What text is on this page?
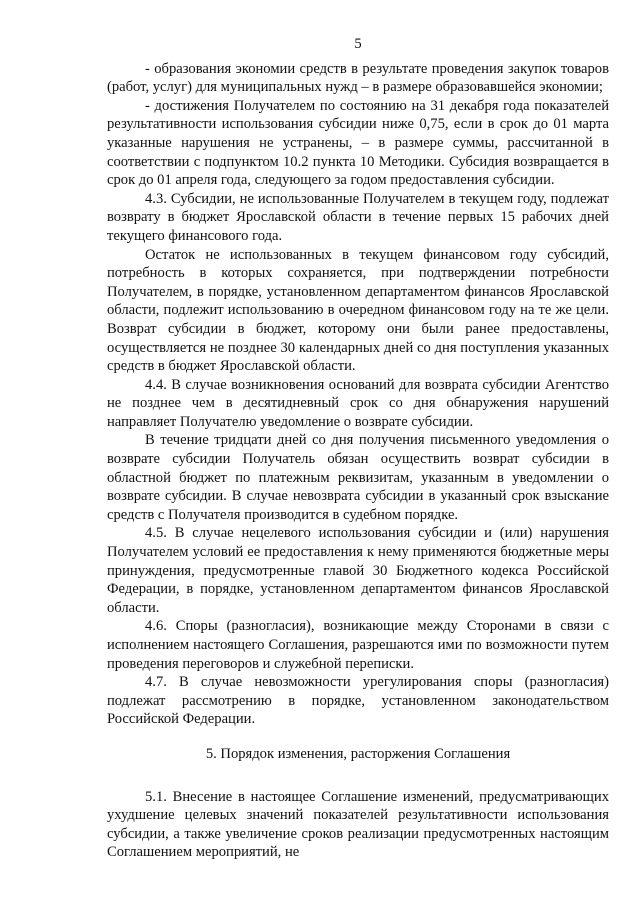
5

- образования экономии средств в результате проведения закупок товаров (работ, услуг) для муниципальных нужд – в размере образовавшейся экономии;

- достижения Получателем по состоянию на 31 декабря года показателей результативности использования субсидии ниже 0,75, если в срок до 01 марта указанные нарушения не устранены, – в размере суммы, рассчитанной в соответствии с подпунктом 10.2 пункта 10 Методики. Субсидия возвращается в срок до 01 апреля года, следующего за годом предоставления субсидии.

4.3. Субсидии, не использованные Получателем в текущем году, подлежат возврату в бюджет Ярославской области в течение первых 15 рабочих дней текущего финансового года.

Остаток не использованных в текущем финансовом году субсидий, потребность в которых сохраняется, при подтверждении потребности Получателем, в порядке, установленном департаментом финансов Ярославской области, подлежит использованию в очередном финансовом году на те же цели. Возврат субсидии в бюджет, которому они были ранее предоставлены, осуществляется не позднее 30 календарных дней со дня поступления указанных средств в бюджет Ярославской области.

4.4. В случае возникновения оснований для возврата субсидии Агентство не позднее чем в десятидневный срок со дня обнаружения нарушений направляет Получателю уведомление о возврате субсидии.

В течение тридцати дней со дня получения письменного уведомления о возврате субсидии Получатель обязан осуществить возврат субсидии в областной бюджет по платежным реквизитам, указанным в уведомлении о возврате субсидии. В случае невозврата субсидии в указанный срок взыскание средств с Получателя производится в судебном порядке.

4.5. В случае нецелевого использования субсидии и (или) нарушения Получателем условий ее предоставления к нему применяются бюджетные меры принуждения, предусмотренные главой 30 Бюджетного кодекса Российской Федерации, в порядке, установленном департаментом финансов Ярославской области.

4.6. Споры (разногласия), возникающие между Сторонами в связи с исполнением настоящего Соглашения, разрешаются ими по возможности путем проведения переговоров и служебной переписки.

4.7. В случае невозможности урегулирования споры (разногласия) подлежат рассмотрению в порядке, установленном законодательством Российской Федерации.

5. Порядок изменения, расторжения Соглашения

5.1. Внесение в настоящее Соглашение изменений, предусматривающих ухудшение целевых значений показателей результативности использования субсидии, а также увеличение сроков реализации предусмотренных настоящим Соглашением мероприятий, не
